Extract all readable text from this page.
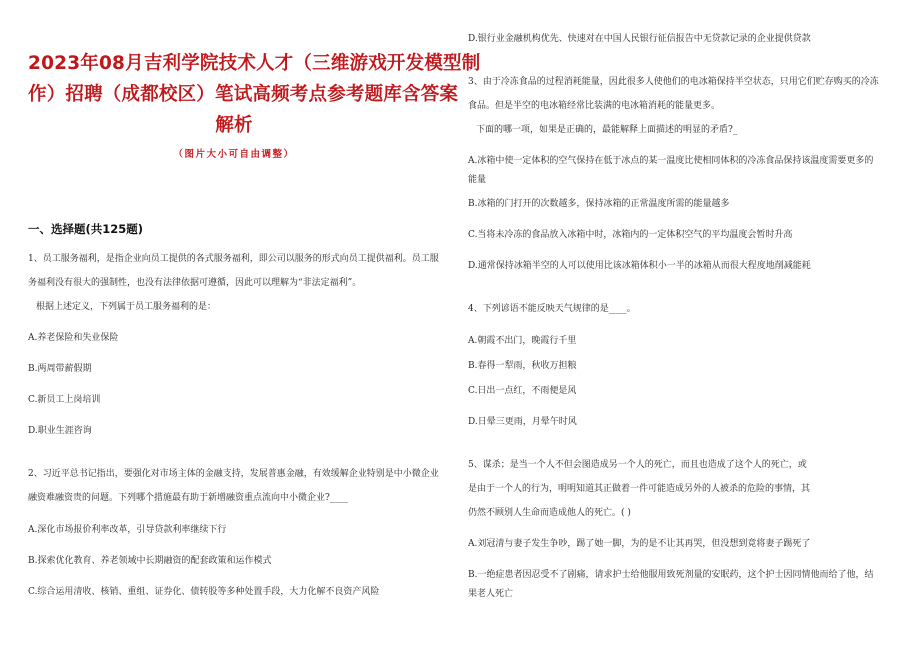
2023年08月吉利学院技术人才（三维游戏开发模型制
作）招聘（成都校区）笔试高频考点参考题库含答案
解析
（图片大小可自由调整）
一、选择题(共125题)
1、员工服务福利，是指企业向员工提供的各式服务福利，即公司以服务的形式向员工提供福利。员工服
务福利没有很大的强制性，也没有法律依据可遵循，因此可以理解为“非法定福利”。
根据上述定义，下列属于员工服务福利的是：
A.养老保险和失业保险
B.两周带薪假期
C.新员工上岗培训
D.职业生涯咨询
2、习近平总书记指出，要强化对市场主体的金融支持，发展普惠金融，有效缓解企业特别是中小微企业
融资难融资贵的问题。下列哪个措施最有助于新增融资重点流向中小微企业?____
A.深化市场报价利率改革，引导贷款利率继续下行
B.探索优化教育、养老领域中长期融资的配套政策和运作模式
C.综合运用清收、核销、重组、证券化、债转股等多种处置手段，大力化解不良资产风险
D.银行业金融机构优先、快速对在中国人民银行征信报告中无贷款记录的企业提供贷款
3、由于冷冻食品的过程消耗能量，因此很多人使他们的电冰箱保持半空状态，只用它们贮存购买的冷冻
食品。但是半空的电冰箱经常比装满的电冰箱消耗的能量更多。
下面的哪一项，如果是正确的，最能解释上面描述的明显的矛盾?_
A.冰箱中使一定体积的空气保持在低于冰点的某一温度比使相同体积的冷冻食品保持该温度需要更多的
能量
B.冰箱的门打开的次数越多，保持冰箱的正常温度所需的能量越多
C.当将未冷冻的食品放入冰箱中时，冰箱内的一定体积空气的平均温度会暂时升高
D.通常保持冰箱半空的人可以使用比该冰箱体积小一半的冰箱从而很大程度地削减能耗
4、下列谚语不能反映天气规律的是____。
A.朝霞不出门，晚霞行千里
B.春得一犁雨，秋收万担粮
C.日出一点红，不雨便是风
D.日晕三更雨，月晕午时风
5、谋杀；是当一个人不但会图造成另一个人的死亡，而且也造成了这个人的死亡，或
是由于一个人的行为，明明知道其正做着一件可能造成另外的人被杀的危险的事情，其
仍然不顾别人生命而造成他人的死亡。( )
A.刘冠清与妻子发生争吵，踢了她一脚，为的是不让其再哭，但没想到竟将妻子踢死了
B.一绝症患者因忍受不了剧痛，请求护士给他服用致死剂量的安眠药，这个护士因同情他而给了他，结
果老人死亡
